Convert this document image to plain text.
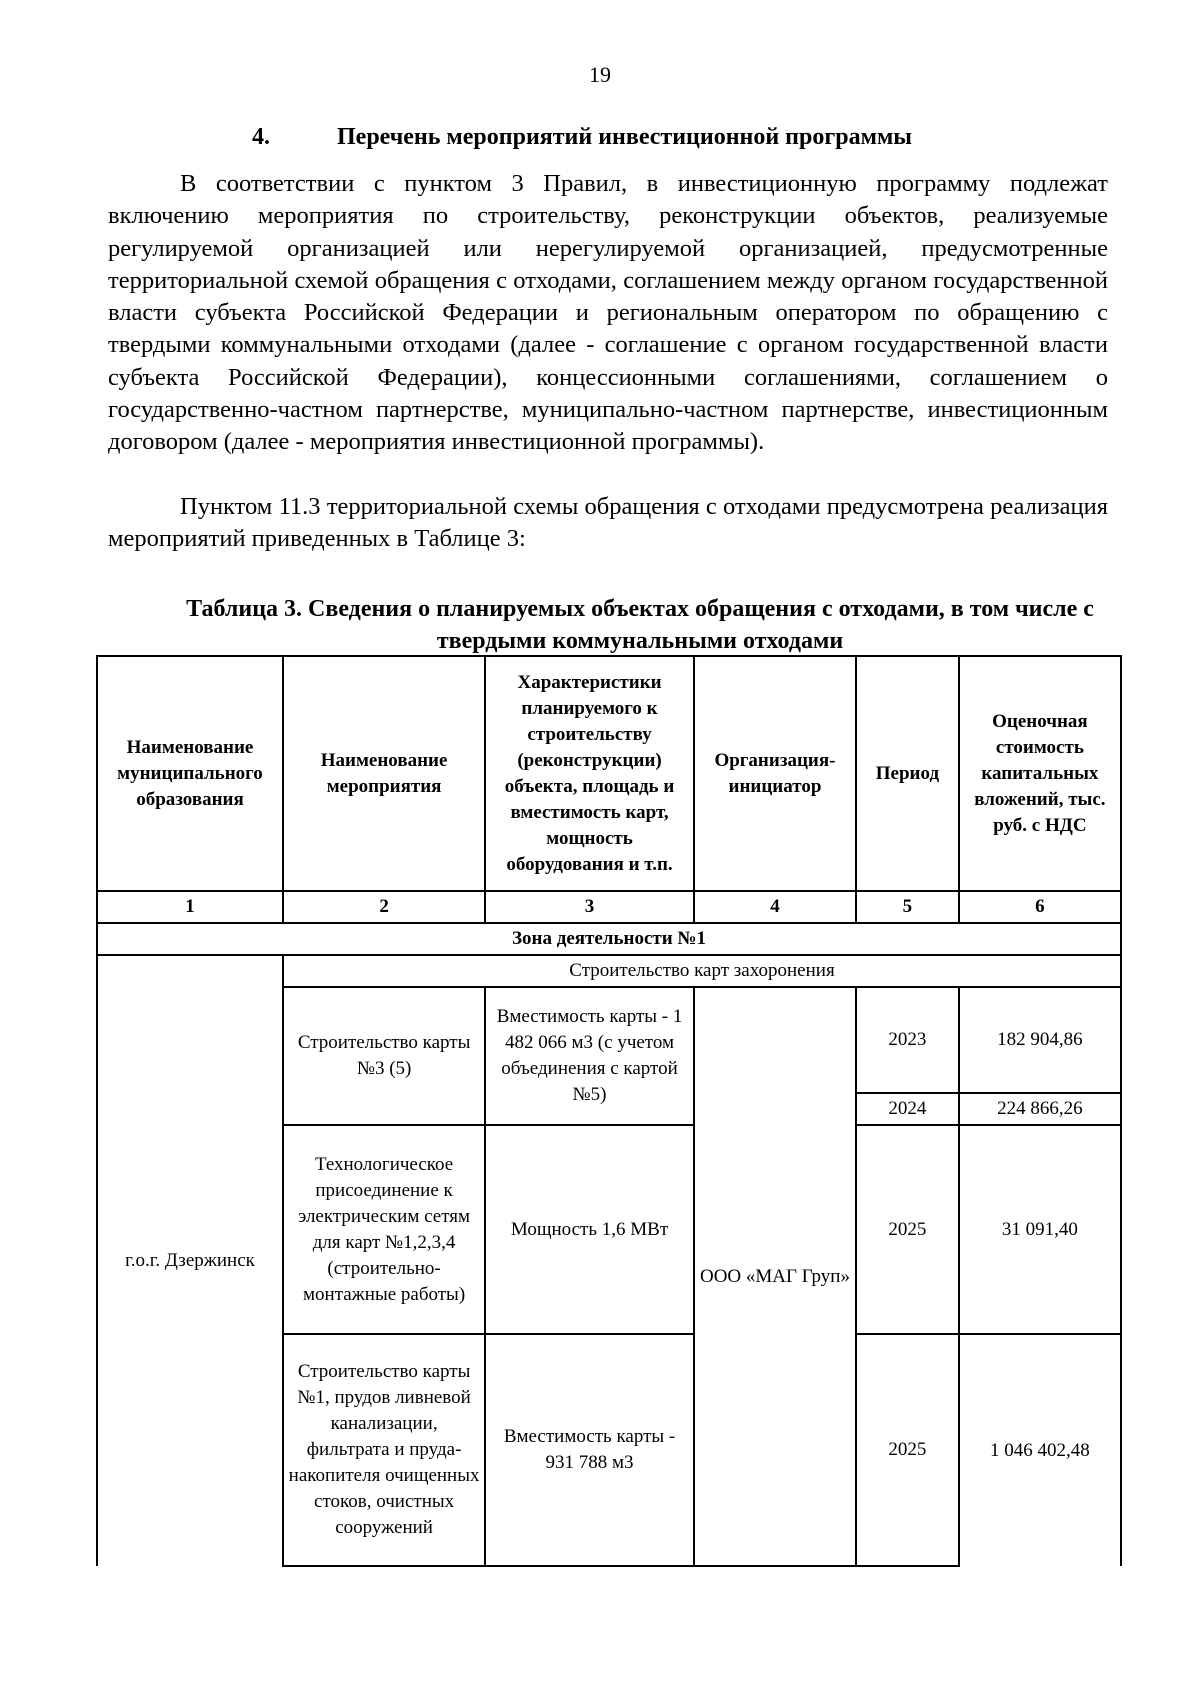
19
4.	Перечень мероприятий инвестиционной программы
В соответствии с пунктом 3 Правил, в инвестиционную программу подлежат включению мероприятия по строительству, реконструкции объектов, реализуемые регулируемой организацией или нерегулируемой организацией, предусмотренные территориальной схемой обращения с отходами, соглашением между органом государственной власти субъекта Российской Федерации и региональным оператором по обращению с твердыми коммунальными отходами (далее - соглашение с органом государственной власти субъекта Российской Федерации), концессионными соглашениями, соглашением о государственно-частном партнерстве, муниципально-частном партнерстве, инвестиционным договором (далее - мероприятия инвестиционной программы).
Пунктом 11.3 территориальной схемы обращения с отходами предусмотрена реализация мероприятий приведенных в Таблице 3:
Таблица 3. Сведения о планируемых объектах обращения с отходами, в том числе с твердыми коммунальными отходами
Наименование муниципального образования	Наименование мероприятия	Характеристики планируемого к строительству (реконструкции) объекта, площадь и вместимость карт, мощность оборудования и т.п.	Организация-инициатор	Период	Оценочная стоимость капитальных вложений, тыс. руб. с НДС
1	2	3	4	5	6
Зона деятельности №1					
г.о.г. Дзержинск	Строительство карт захоронения				
	Строительство карты №3 (5)	Вместимость карты - 1 482 066 м3 (с учетом объединения с картой №5)	ООО «МАГ Груп»	2023	182 904,86
				2024	224 866,26
	Технологическое присоединение к электрическим сетям для карт №1,2,3,4 (строительно-монтажные работы)	Мощность 1,6 МВт		2025	31 091,40
	Строительство карты №1, прудов ливневой канализации, фильтрата и пруда-накопителя очищенных стоков, очистных сооружений	Вместимость карты - 931 788 м3		2025	1 046 402,48
